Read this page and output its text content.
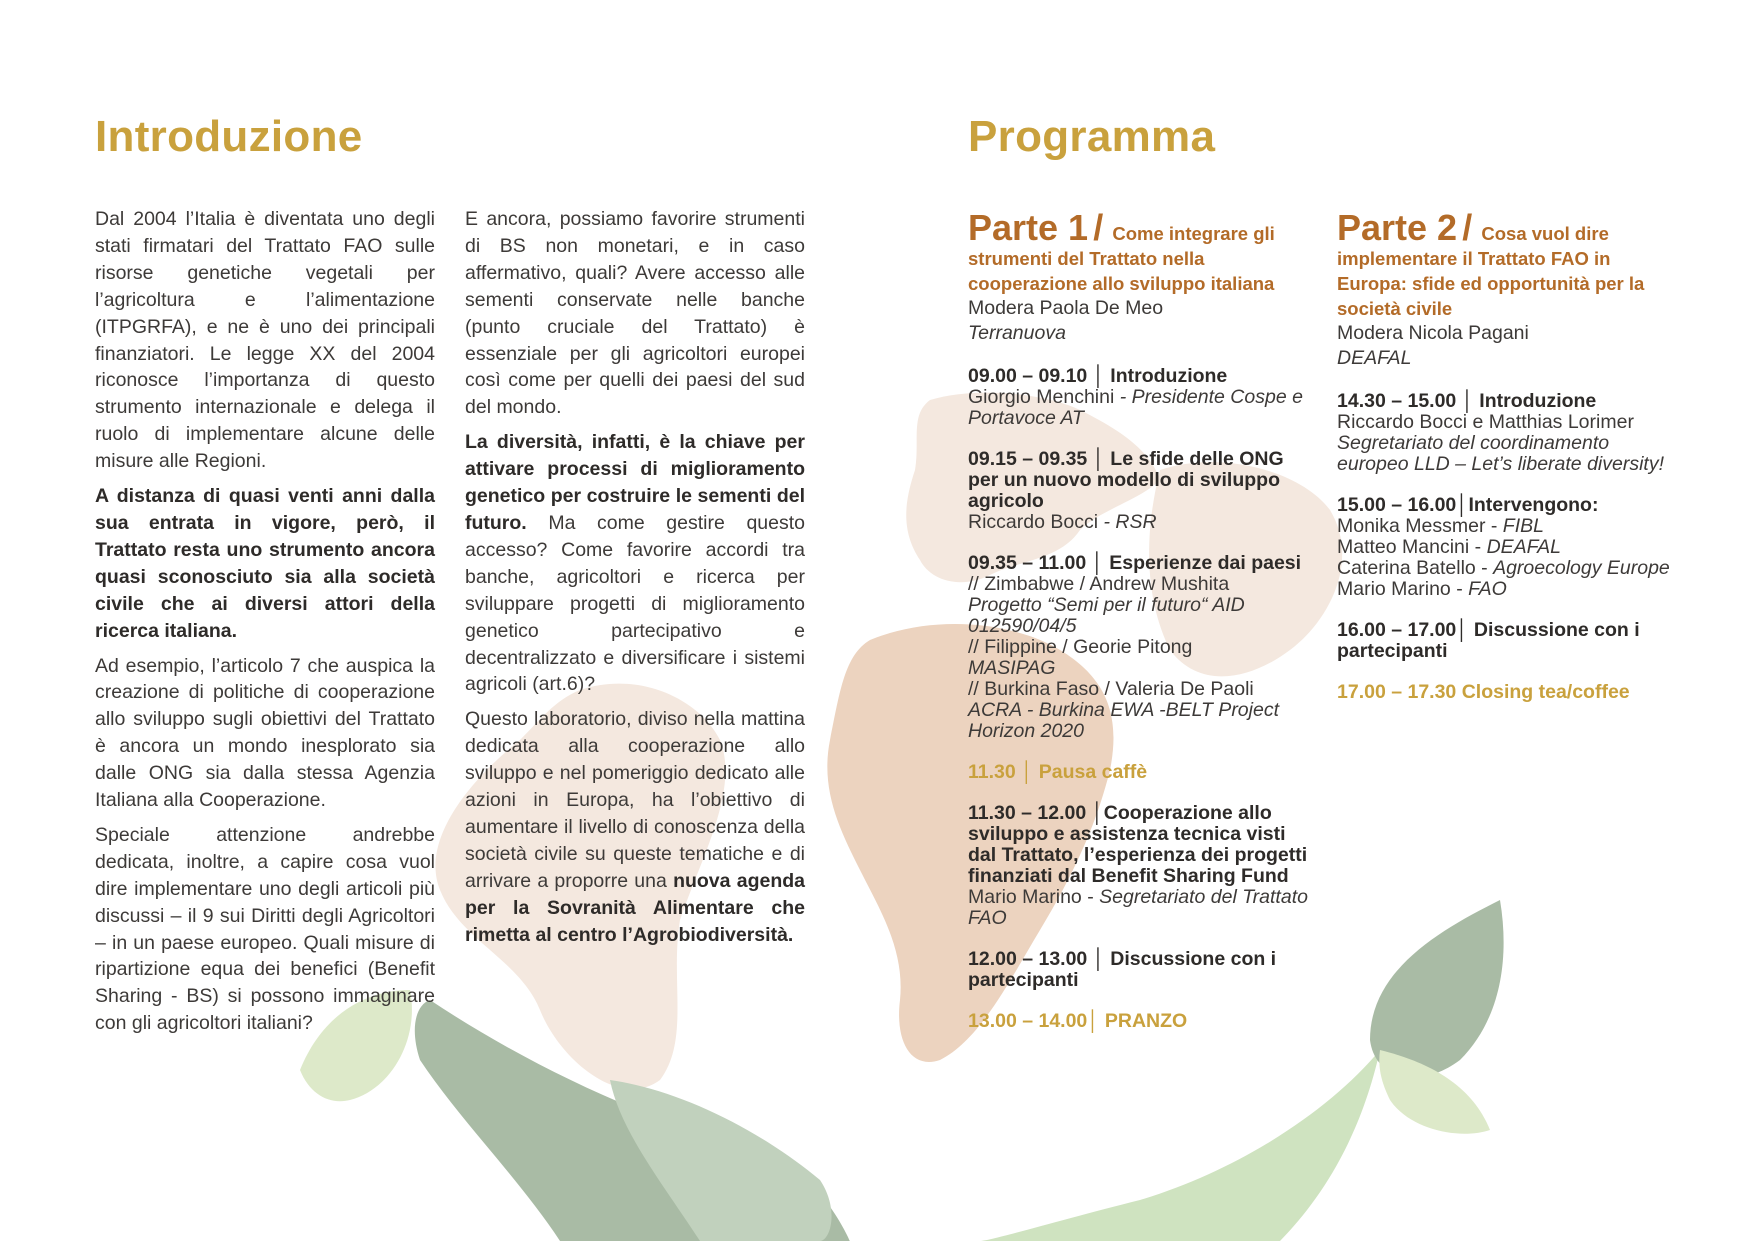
Introduzione

Dal 2004 l’Italia è diventata uno degli stati firmatari del Trattato FAO sulle risorse genetiche vegetali per l’agricoltura e l’alimentazione (ITPGRFA), e ne è uno dei principali finanziatori. Le legge XX del 2004 riconosce l’importanza di questo strumento internazionale e delega il ruolo di implementare alcune delle misure alle Regioni.

A distanza di quasi venti anni dalla sua entrata in vigore, però, il Trattato resta uno strumento ancora quasi sconosciuto sia alla società civile che ai diversi attori della ricerca italiana.

Ad esempio, l’articolo 7 che auspica la creazione di politiche di cooperazione allo sviluppo sugli obiettivi del Trattato è ancora un mondo inesplorato sia dalle ONG sia dalla stessa Agenzia Italiana alla Cooperazione.

Speciale attenzione andrebbe dedicata, inoltre, a capire cosa vuol dire implementare uno degli articoli più discussi – il 9 sui Diritti degli Agricoltori – in un paese europeo. Quali misure di ripartizione equa dei benefici (Benefit Sharing - BS) si possono immaginare con gli agricoltori italiani?

E ancora, possiamo favorire strumenti di BS non monetari, e in caso affermativo, quali? Avere accesso alle sementi conservate nelle banche (punto cruciale del Trattato) è essenziale per gli agricoltori europei così come per quelli dei paesi del sud del mondo.

La diversità, infatti, è la chiave per attivare processi di miglioramento genetico per costruire le sementi del futuro. Ma come gestire questo accesso? Come favorire accordi tra banche, agricoltori e ricerca per sviluppare progetti di miglioramento genetico partecipativo e decentralizzato e diversificare i sistemi agricoli (art.6)?

Questo laboratorio, diviso nella mattina dedicata alla cooperazione allo sviluppo e nel pomeriggio dedicato alle azioni in Europa, ha l’obiettivo di aumentare il livello di conoscenza della società civile su queste tematiche e di arrivare a proporre una nuova agenda per la Sovranità Alimentare che rimetta al centro l’Agrobiodiversità.

Programma
Parte 1 / Come integrare gli strumenti del Trattato nella cooperazione allo sviluppo italiana
Modera Paola De Meo
Terranuova
09.00 – 09.10 │ Introduzione
Giorgio Menchini - Presidente Cospe e Portavoce AT
09.15 – 09.35 │ Le sfide delle ONG per un nuovo modello di sviluppo agricolo
Riccardo Bocci - RSR
09.35 – 11.00 │ Esperienze dai paesi
// Zimbabwe / Andrew Mushita
Progetto “Semi per il futuro“ AID 012590/04/5
// Filippine / Georie Pitong
MASIPAG
// Burkina Faso / Valeria De Paoli
ACRA - Burkina EWA -BELT Project Horizon 2020

11.30 │ Pausa caffè
11.30 – 12.00 │Cooperazione allo sviluppo e assistenza tecnica visti dal Trattato, l’esperienza dei progetti finanziati dal Benefit Sharing Fund
Mario Marino - Segretariato del Trattato FAO
12.00 – 13.00 │ Discussione con i partecipanti
13.00 – 14.00│ PRANZO
Parte 2 / Cosa vuol dire implementare il Trattato FAO in Europa: sfide ed opportunità per la società civile
Modera Nicola Pagani
DEAFAL
14.30 – 15.00 │ Introduzione
Riccardo Bocci e Matthias Lorimer
Segretariato del coordinamento europeo LLD – Let’s liberate diversity!

15.00 – 16.00│Intervengono:
Monika Messmer - FIBL
Matteo Mancini - DEAFAL
Caterina Batello - Agroecology Europe
Mario Marino - FAO

16.00 – 17.00│ Discussione con i partecipanti
17.00 – 17.30 Closing tea/coffee
